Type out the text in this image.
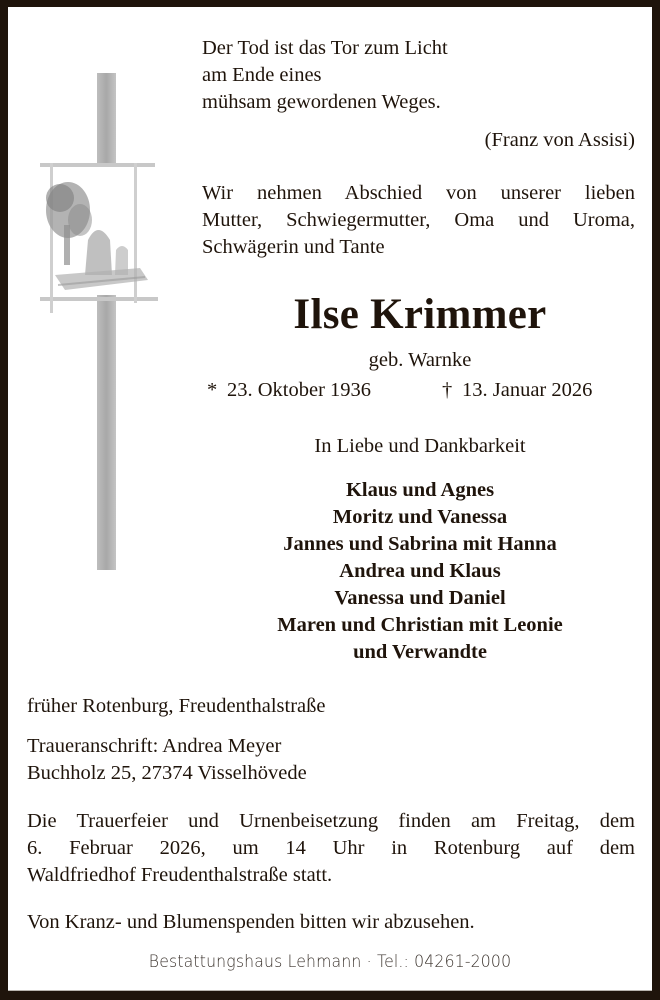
Der Tod ist das Tor zum Licht
am Ende eines
mühsam gewordenen Weges.
(Franz von Assisi)
Wir nehmen Abschied von unserer lieben
Mutter, Schwiegermutter, Oma und Uroma,
Schwägerin und Tante
Ilse Krimmer
geb. Warnke
* 23. Oktober 1936	† 13. Januar 2026
In Liebe und Dankbarkeit
Klaus und Agnes
Moritz und Vanessa
Jannes und Sabrina mit Hanna
Andrea und Klaus
Vanessa und Daniel
Maren und Christian mit Leonie
und Verwandte
früher Rotenburg, Freudenthalstraße
Traueranschrift: Andrea Meyer
Buchholz 25, 27374 Visselhövede
Die Trauerfeier und Urnenbeisetzung finden am Freitag, dem
6. Februar 2026, um 14 Uhr in Rotenburg auf dem
Waldfriedhof Freudenthalstraße statt.
Von Kranz- und Blumenspenden bitten wir abzusehen.
Bestattungshaus Lehmann · Tel.: 04261-2000
